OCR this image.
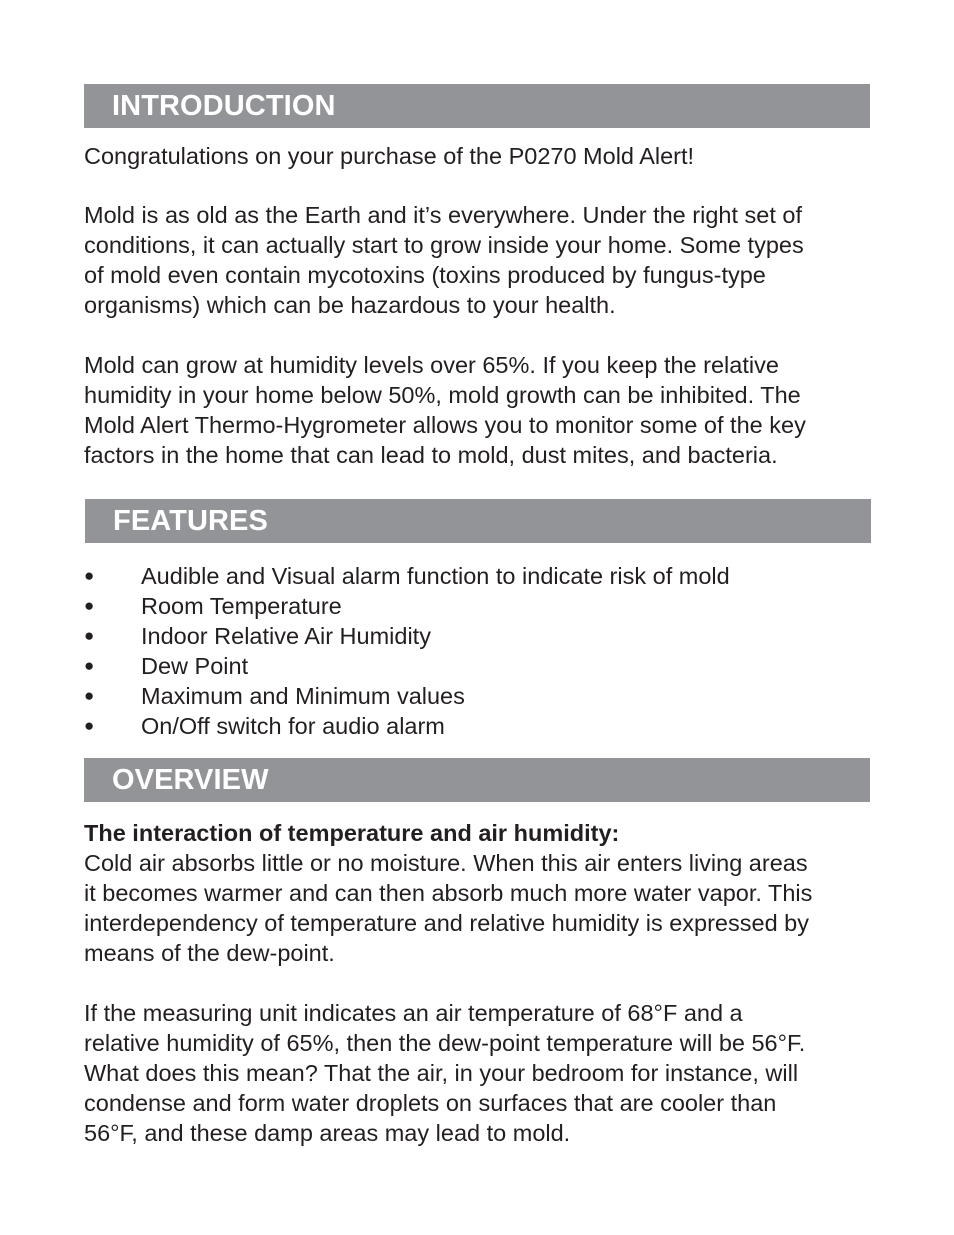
INTRODUCTION

Congratulations on your purchase of the P0270 Mold Alert!

Mold is as old as the Earth and it’s everywhere. Under the right set of
conditions, it can actually start to grow inside your home. Some types
of mold even contain mycotoxins (toxins produced by fungus-type
organisms) which can be hazardous to your health.

Mold can grow at humidity levels over 65%. If you keep the relative
humidity in your home below 50%, mold growth can be inhibited. The
Mold Alert Thermo-Hygrometer allows you to monitor some of the key
factors in the home that can lead to mold, dust mites, and bacteria.

FEATURES
● Audible and Visual alarm function to indicate risk of mold
● Room Temperature
● Indoor Relative Air Humidity
● Dew Point
● Maximum and Minimum values
● On/Off switch for audio alarm
OVERVIEW

The interaction of temperature and air humidity:
Cold air absorbs little or no moisture. When this air enters living areas
it becomes warmer and can then absorb much more water vapor. This
interdependency of temperature and relative humidity is expressed by
means of the dew-point.

If the measuring unit indicates an air temperature of 68°F and a
relative humidity of 65%, then the dew-point temperature will be 56°F.
What does this mean? That the air, in your bedroom for instance, will
condense and form water droplets on surfaces that are cooler than
56°F, and these damp areas may lead to mold.
